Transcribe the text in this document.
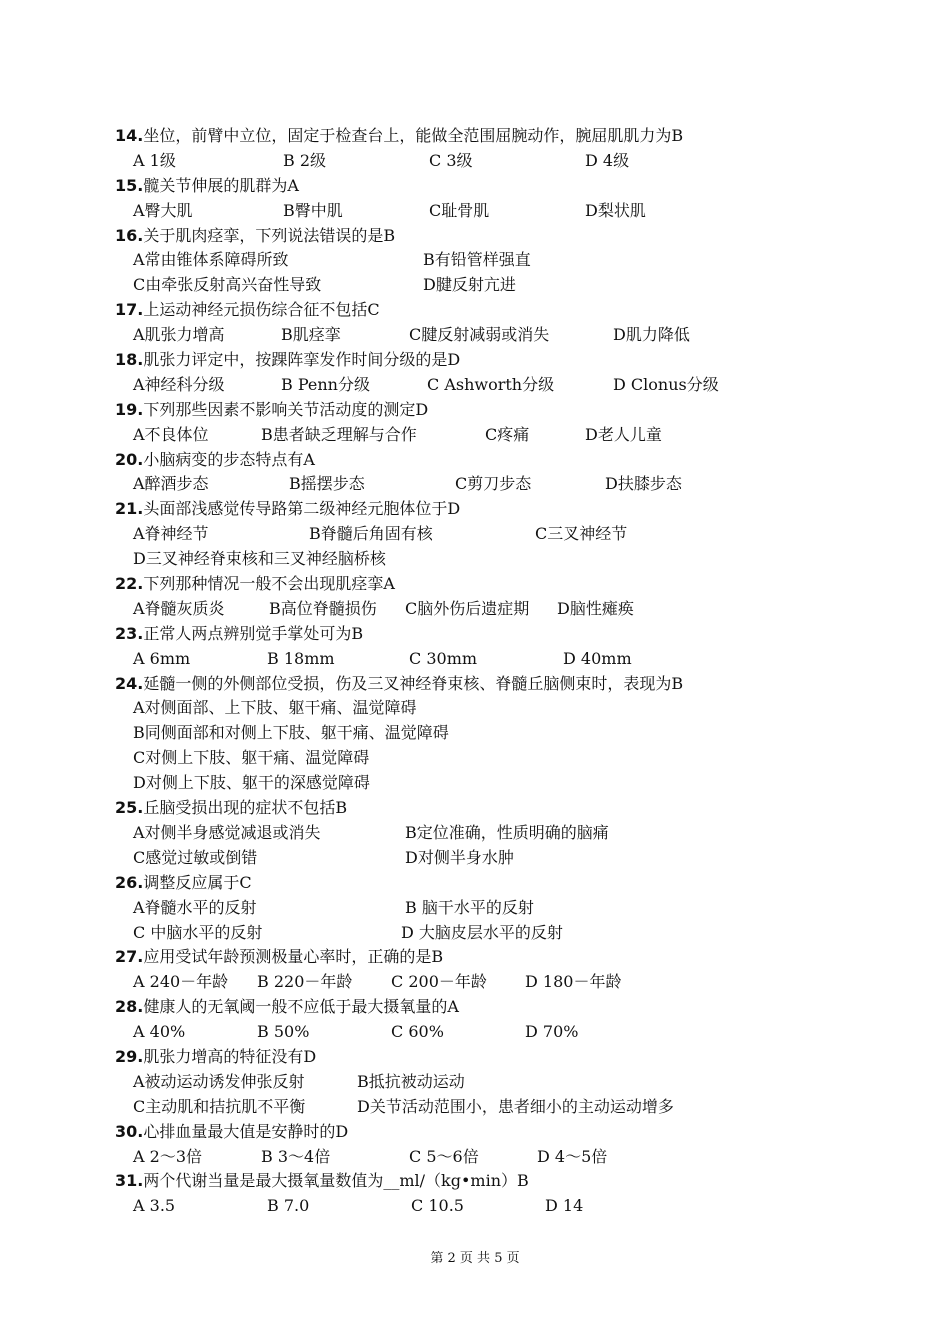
14.坐位，前臂中立位，固定于检查台上，能做全范围屈腕动作，腕屈肌肌力为B
A 1级	B 2级	C 3级	D 4级
15.髋关节伸展的肌群为A
A臀大肌	B臀中肌	C耻骨肌	D梨状肌
16.关于肌肉痉挛，下列说法错误的是B
A常由锥体系障碍所致	B有铅管样强直
C由牵张反射高兴奋性导致	D腱反射亢进
17.上运动神经元损伤综合征不包括C
A肌张力增高	B肌痉挛	C腱反射减弱或消失	D肌力降低
18.肌张力评定中，按踝阵挛发作时间分级的是D
A神经科分级	B Penn分级	C Ashworth分级	D Clonus分级
19.下列那些因素不影响关节活动度的测定D
A不良体位	B患者缺乏理解与合作	C疼痛	D老人儿童
20.小脑病变的步态特点有A
A醉酒步态	B摇摆步态	C剪刀步态	D扶膝步态
21.头面部浅感觉传导路第二级神经元胞体位于D
A脊神经节	B脊髓后角固有核	C三叉神经节
D三叉神经脊束核和三叉神经脑桥核
22.下列那种情况一般不会出现肌痉挛A
A脊髓灰质炎	B高位脊髓损伤 C脑外伤后遗症期 D脑性瘫痪
23.正常人两点辨别觉手掌处可为B
A 6mm	B 18mm	C 30mm	D 40mm
24.延髓一侧的外侧部位受损，伤及三叉神经脊束核、脊髓丘脑侧束时，表现为B
A对侧面部、上下肢、躯干痛、温觉障碍
B同侧面部和对侧上下肢、躯干痛、温觉障碍
C对侧上下肢、躯干痛、温觉障碍
D对侧上下肢、躯干的深感觉障碍
25.丘脑受损出现的症状不包括B
A对侧半身感觉减退或消失	B定位准确，性质明确的脑痛
C感觉过敏或倒错	D对侧半身水肿
26.调整反应属于C
A脊髓水平的反射	B 脑干水平的反射
C 中脑水平的反射	D 大脑皮层水平的反射
27.应用受试年龄预测极量心率时，正确的是B
A 240－年龄 B 220－年龄 C 200－年龄 D 180－年龄
28.健康人的无氧阈一般不应低于最大摄氧量的A
A 40%	B 50%	C 60%	D 70%
29.肌张力增高的特征没有D
A被动运动诱发伸张反射	B抵抗被动运动
C主动肌和拮抗肌不平衡	D关节活动范围小，患者细小的主动运动增多
30.心排血量最大值是安静时的D
A 2～3倍	B 3～4倍	C 5～6倍	D 4～5倍
31.两个代谢当量是最大摄氧量数值为__ml/（kg•min）B
A 3.5	B 7.0	C 10.5	D 14
第 2 页 共 5 页
